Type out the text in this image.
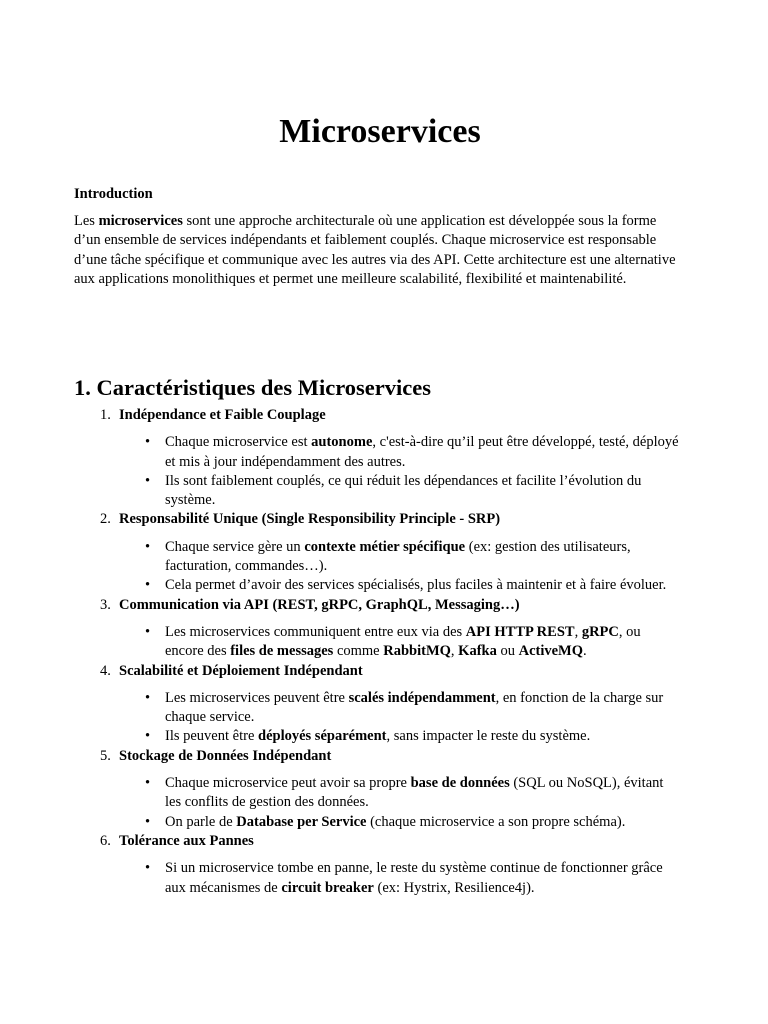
Microservices
Introduction

Les microservices sont une approche architecturale où une application est développée sous la forme d’un ensemble de services indépendants et faiblement couplés. Chaque microservice est responsable d’une tâche spécifique et communique avec les autres via des API. Cette architecture est une alternative aux applications monolithiques et permet une meilleure scalabilité, flexibilité et maintenabilité.

1. Caractéristiques des Microservices
1. Indépendance et Faible Couplage
• Chaque microservice est autonome, c'est-à-dire qu’il peut être développé, testé, déployé et mis à jour indépendamment des autres.
• Ils sont faiblement couplés, ce qui réduit les dépendances et facilite l’évolution du système.
2. Responsabilité Unique (Single Responsibility Principle - SRP)
• Chaque service gère un contexte métier spécifique (ex: gestion des utilisateurs, facturation, commandes…).
• Cela permet d’avoir des services spécialisés, plus faciles à maintenir et à faire évoluer.
3. Communication via API (REST, gRPC, GraphQL, Messaging…)
• Les microservices communiquent entre eux via des API HTTP REST, gRPC, ou encore des files de messages comme RabbitMQ, Kafka ou ActiveMQ.
4. Scalabilité et Déploiement Indépendant
• Les microservices peuvent être scalés indépendamment, en fonction de la charge sur chaque service.
• Ils peuvent être déployés séparément, sans impacter le reste du système.
5. Stockage de Données Indépendant
• Chaque microservice peut avoir sa propre base de données (SQL ou NoSQL), évitant les conflits de gestion des données.
• On parle de Database per Service (chaque microservice a son propre schéma).
6. Tolérance aux Pannes
• Si un microservice tombe en panne, le reste du système continue de fonctionner grâce aux mécanismes de circuit breaker (ex: Hystrix, Resilience4j).
